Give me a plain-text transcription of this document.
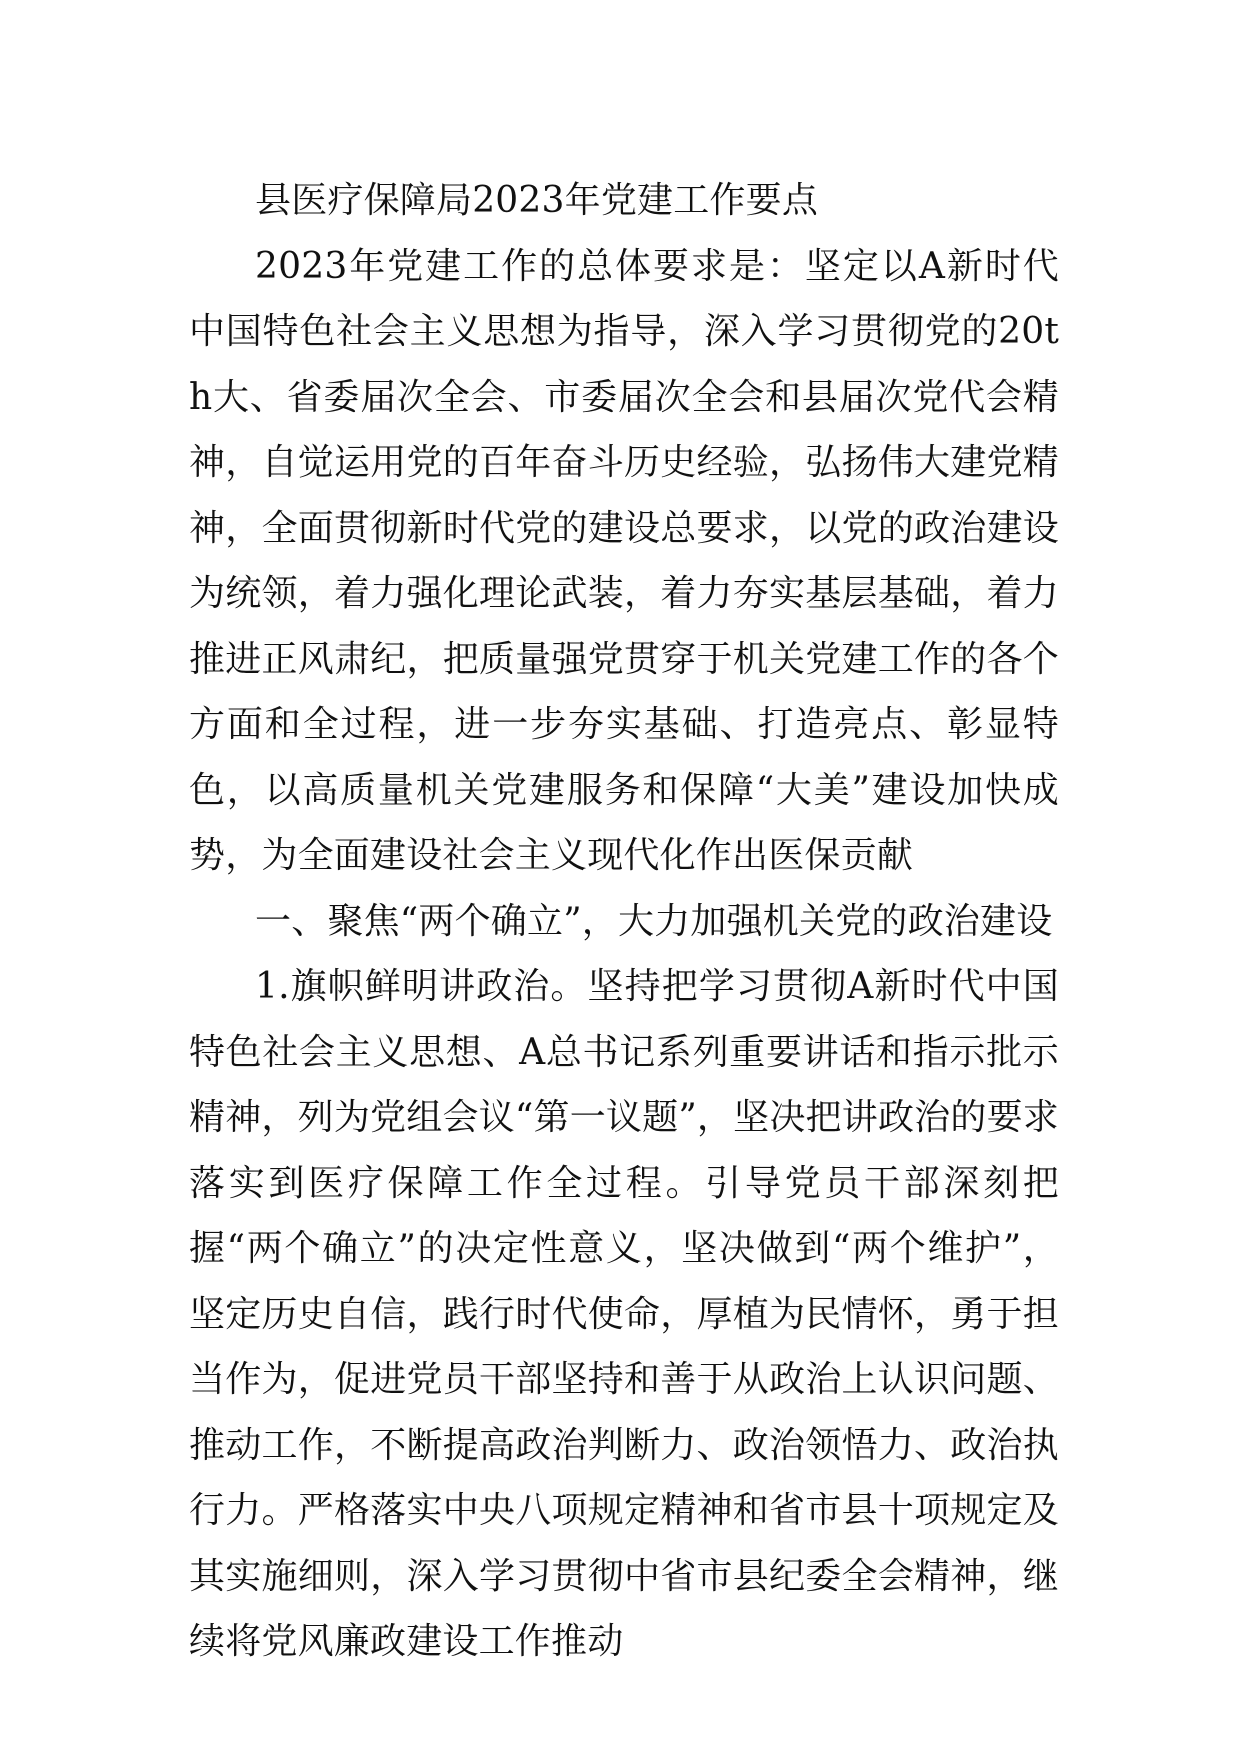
县医疗保障局2023年党建工作要点

2023年党建工作的总体要求是：坚定以A新时代中国特色社会主义思想为指导，深入学习贯彻党的20th大、省委届次全会、市委届次全会和县届次党代会精神，自觉运用党的百年奋斗历史经验，弘扬伟大建党精神，全面贯彻新时代党的建设总要求，以党的政治建设为统领，着力强化理论武装，着力夯实基层基础，着力推进正风肃纪，把质量强党贯穿于机关党建工作的各个方面和全过程，进一步夯实基础、打造亮点、彰显特色，以高质量机关党建服务和保障“大美”建设加快成势，为全面建设社会主义现代化作出医保贡献

一、聚焦“两个确立”，大力加强机关党的政治建设

1.旗帜鲜明讲政治。坚持把学习贯彻A新时代中国特色社会主义思想、A总书记系列重要讲话和指示批示精神，列为党组会议“第一议题”，坚决把讲政治的要求落实到医疗保障工作全过程。引导党员干部深刻把握“两个确立”的决定性意义，坚决做到“两个维护”，坚定历史自信，践行时代使命，厚植为民情怀，勇于担当作为，促进党员干部坚持和善于从政治上认识问题、推动工作，不断提高政治判断力、政治领悟力、政治执行力。严格落实中央八项规定精神和省市县十项规定及其实施细则，深入学习贯彻中省市县纪委全会精神，继续将党风廉政建设工作推动
